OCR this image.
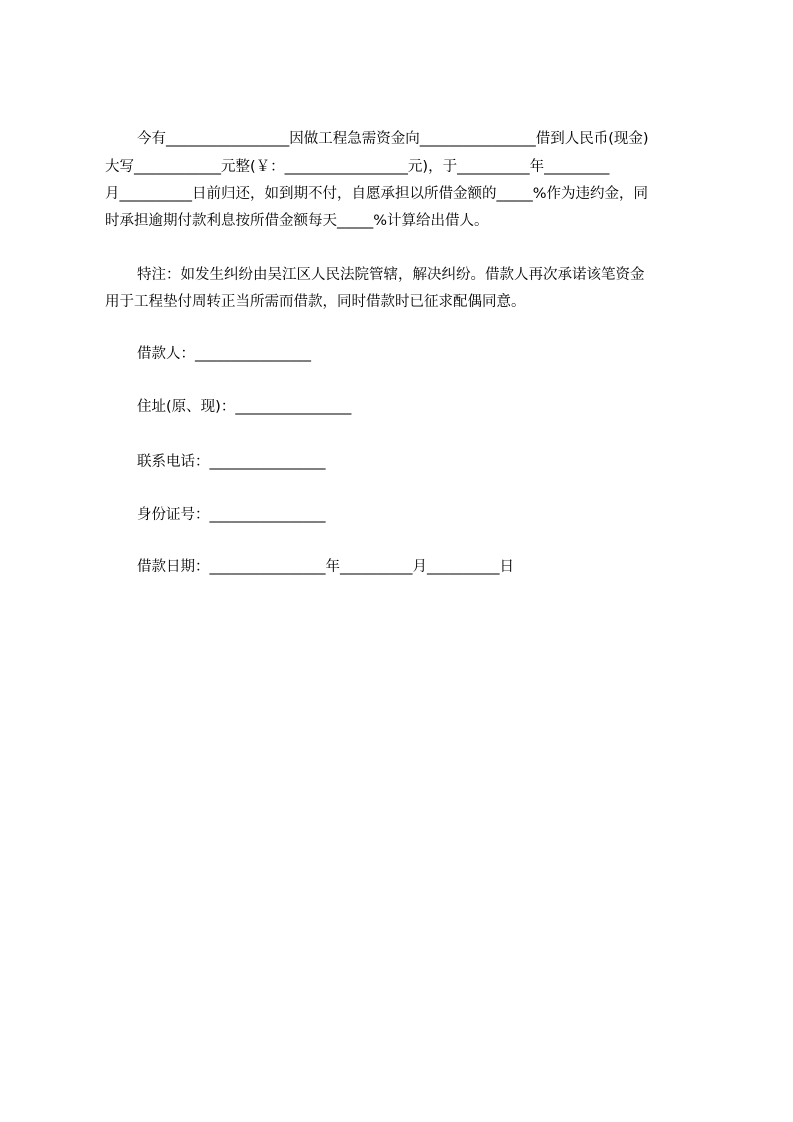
今有_________________因做工程急需资金向________________借到人民币(现金)
大写____________元整(￥：_________________元)，于__________年_________
月__________日前归还，如到期不付，自愿承担以所借金额的_____%作为违约金，同
时承担逾期付款利息按所借金额每天_____%计算给出借人。
特注：如发生纠纷由吴江区人民法院管辖，解决纠纷。借款人再次承诺该笔资金
用于工程垫付周转正当所需而借款，同时借款时已征求配偶同意。
借款人：________________
住址(原、现)：________________
联系电话：________________
身份证号：________________
借款日期：________________年__________月__________日
